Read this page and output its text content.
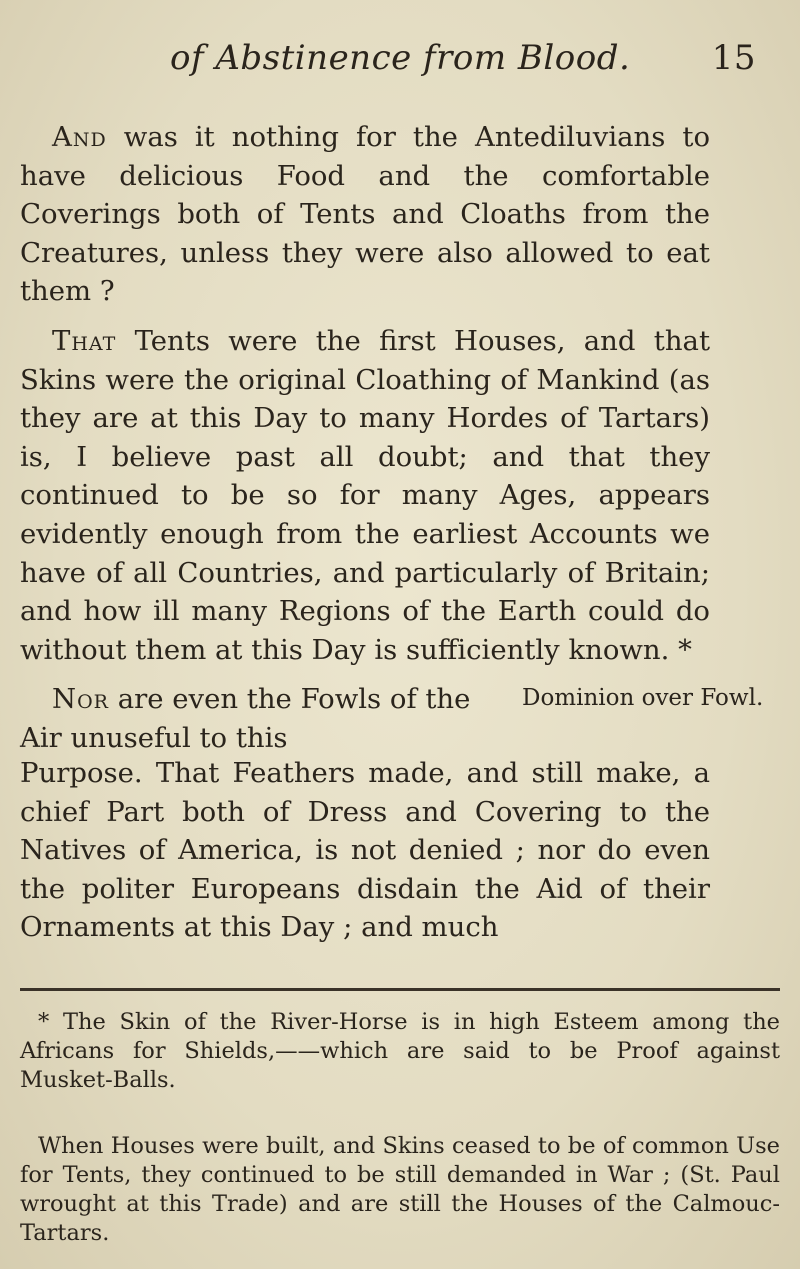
of Abstinence from Blood. 15

And was it nothing for the Antediluvians to have delicious Food and the comfortable Coverings both of Tents and Cloaths from the Creatures, unless they were also allowed to eat them ?

That Tents were the first Houses, and that Skins were the original Cloathing of Mankind (as they are at this Day to many Hordes of Tartars) is, I believe past all doubt; and that they continued to be so for many Ages, appears evidently enough from the earliest Accounts we have of all Countries, and particularly of Britain; and how ill many Regions of the Earth could do without them at this Day is sufficiently known. *

Nor are even the Fowls of the Air unuseful to this

Dominion over Fowl.

Purpose. That Feathers made, and still make, a chief Part both of Dress and Covering to the Natives of America, is not denied ; nor do even the politer Europeans disdain the Aid of their Ornaments at this Day ; and much

* The Skin of the River-Horse is in high Esteem among the Africans for Shields,——which are said to be Proof against Musket-Balls.

When Houses were built, and Skins ceased to be of common Use for Tents, they continued to be still demanded in War ; (St. Paul wrought at this Trade) and are still the Houses of the Calmouc-Tartars.
